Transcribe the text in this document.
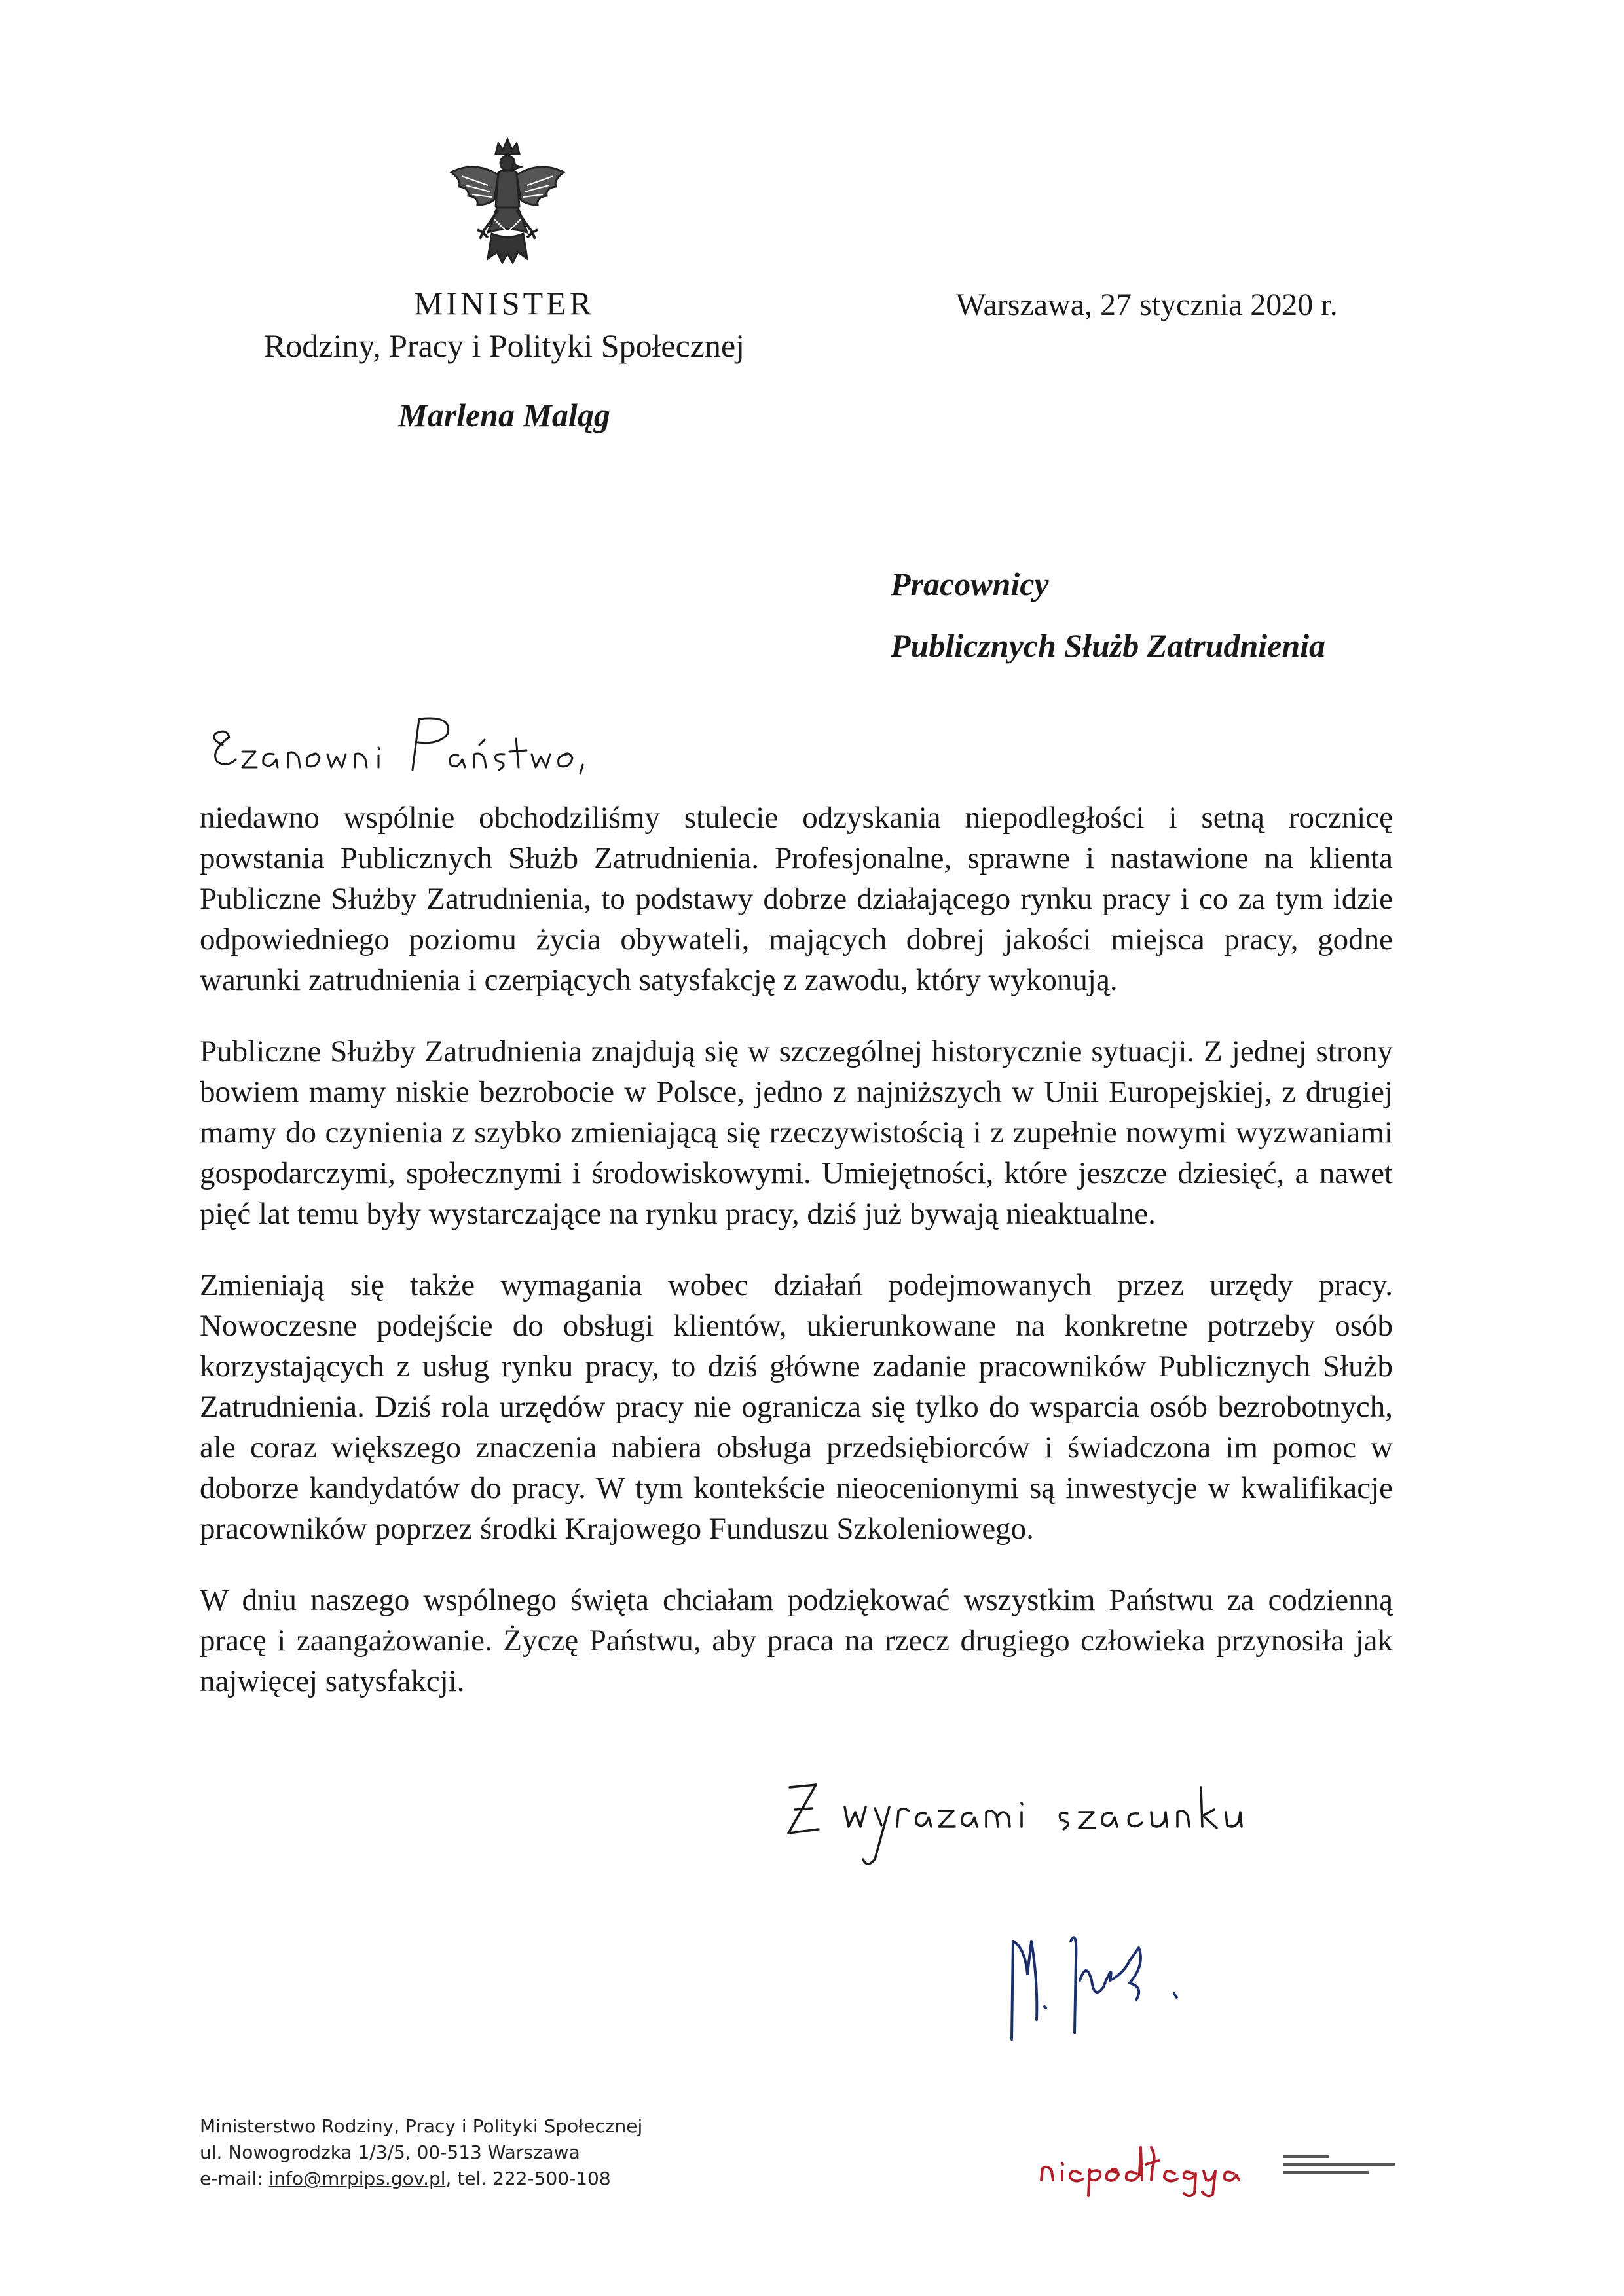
MINISTER
Rodziny, Pracy i Polityki Społecznej
Marlena Maląg
Warszawa, 27 stycznia 2020 r.
Pracownicy
Publicznych Służb Zatrudnienia

niedawno wspólnie obchodziliśmy stulecie odzyskania niepodległości i setną rocznicę powstania Publicznych Służb Zatrudnienia. Profesjonalne, sprawne i nastawione na klienta Publiczne Służby Zatrudnienia, to podstawy dobrze działającego rynku pracy i co za tym idzie odpowiedniego poziomu życia obywateli, mających dobrej jakości miejsca pracy, godne warunki zatrudnienia i czerpiących satysfakcję z zawodu, który wykonują.

Publiczne Służby Zatrudnienia znajdują się w szczególnej historycznie sytuacji. Z jednej strony bowiem mamy niskie bezrobocie w Polsce, jedno z najniższych w Unii Europejskiej, z drugiej mamy do czynienia z szybko zmieniającą się rzeczywistością i z zupełnie nowymi wyzwaniami gospodarczymi, społecznymi i środowiskowymi. Umiejętności, które jeszcze dziesięć, a nawet pięć lat temu były wystarczające na rynku pracy, dziś już bywają nieaktualne.

Zmieniają się także wymagania wobec działań podejmowanych przez urzędy pracy. Nowoczesne podejście do obsługi klientów, ukierunkowane na konkretne potrzeby osób korzystających z usług rynku pracy, to dziś główne zadanie pracowników Publicznych Służb Zatrudnienia. Dziś rola urzędów pracy nie ogranicza się tylko do wsparcia osób bezrobotnych, ale coraz większego znaczenia nabiera obsługa przedsiębiorców i świadczona im pomoc w doborze kandydatów do pracy. W tym kontekście nieocenionymi są inwestycje w kwalifikacje pracowników poprzez środki Krajowego Funduszu Szkoleniowego.

W dniu naszego wspólnego święta chciałam podziękować wszystkim Państwu za codzienną pracę i zaangażowanie. Życzę Państwu, aby praca na rzecz drugiego człowieka przynosiła jak najwięcej satysfakcji.

Ministerstwo Rodziny, Pracy i Polityki Społecznej
ul. Nowogrodzka 1/3/5, 00-513 Warszawa
e-mail: info@mrpips.gov.pl, tel. 222-500-108
